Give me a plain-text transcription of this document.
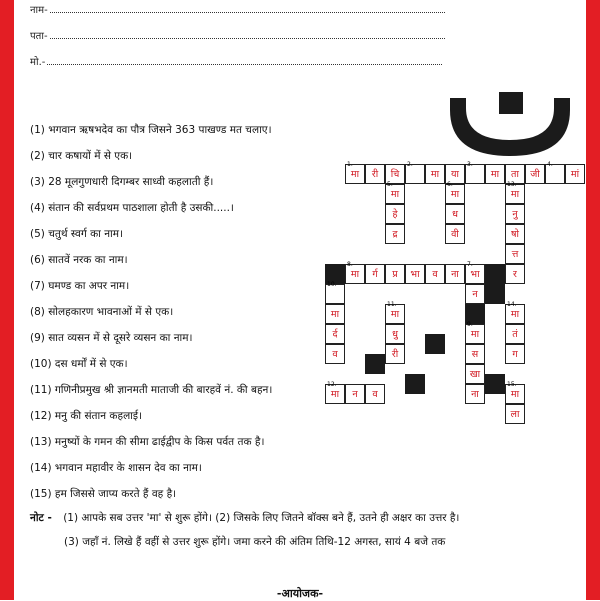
नाम-
पता-
मो.-
(1) भगवान ऋषभदेव का पौत्र जिसने 363 पाखण्ड मत चलाए।
(2) चार कषायों में से एक।
(3) 28 मूलगुणधारी दिगम्बर साध्वी कहलाती हैं।
(4) संतान की सर्वप्रथम पाठशाला होती है उसकी.....।
(5) चतुर्थ स्वर्ग का नाम।
(6) सातवें नरक का नाम।
(7) घमण्ड का अपर नाम।
(8) सोलहकारण भावनाओं में से एक।
(9) सात व्यसन में से दूसरे व्यसन का नाम।
(10) दस धर्मों में से एक।
(11) गणिनीप्रमुख श्री ज्ञानमती माताजी की बारहवें नं. की बहन।
(12) मनु की संतान कहलाई।
(13) मनुष्यों के गमन की सीमा ढाईद्वीप के किस पर्वत तक है।
(14) भगवान महावीर के शासन देव का नाम।
(15) हम जिससे जाप्य करते हैं वह है।
1.
मा	री	चि
2.
मा	या
3.
मा	ता	जी
4.
मां
5.
मा
हे
द्र
6.
मा
ध
वी
13.
मा
नु
षो
त्त
र
8.
मा	र्ग	प्र	भा	व	ना
7.
भा
न
10.
मा
र्द
व
11.
मा
धु
री
9.
मा
स
खा
ना
14.
मा
तं
ग
15.
मा
ला
12.
मा	न	व
नोट - (1) आपके सब उत्तर 'मा' से शुरू होंगे। (2) जिसके लिए जितने बॉक्स बने हैं, उतने ही अक्षर का उत्तर है।
(3) जहाँ नं. लिखे हैं वहीं से उत्तर शुरू होंगे। जमा करने की अंतिम तिथि-12 अगस्त, सायं 4 बजे तक
-आयोजक-
